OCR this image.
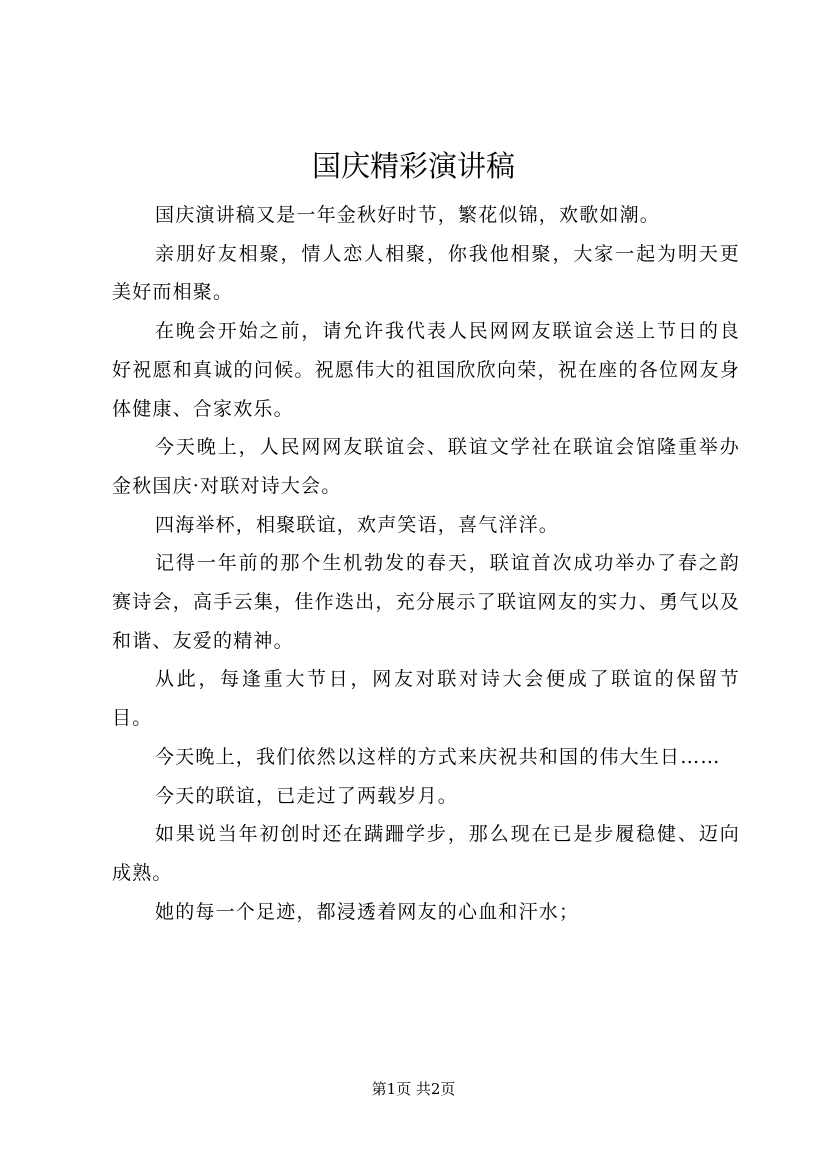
国庆精彩演讲稿

国庆演讲稿又是一年金秋好时节，繁花似锦，欢歌如潮。

亲朋好友相聚，情人恋人相聚，你我他相聚，大家一起为明天更美好而相聚。

在晚会开始之前，请允许我代表人民网网友联谊会送上节日的良好祝愿和真诚的问候。祝愿伟大的祖国欣欣向荣，祝在座的各位网友身体健康、合家欢乐。

今天晚上，人民网网友联谊会、联谊文学社在联谊会馆隆重举办金秋国庆·对联对诗大会。

四海举杯，相聚联谊，欢声笑语，喜气洋洋。

记得一年前的那个生机勃发的春天，联谊首次成功举办了春之韵赛诗会，高手云集，佳作迭出，充分展示了联谊网友的实力、勇气以及和谐、友爱的精神。

从此，每逢重大节日，网友对联对诗大会便成了联谊的保留节目。

今天晚上，我们依然以这样的方式来庆祝共和国的伟大生日……

今天的联谊，已走过了两载岁月。

如果说当年初创时还在蹒跚学步，那么现在已是步履稳健、迈向成熟。

她的每一个足迹，都浸透着网友的心血和汗水；

第1页 共2页
